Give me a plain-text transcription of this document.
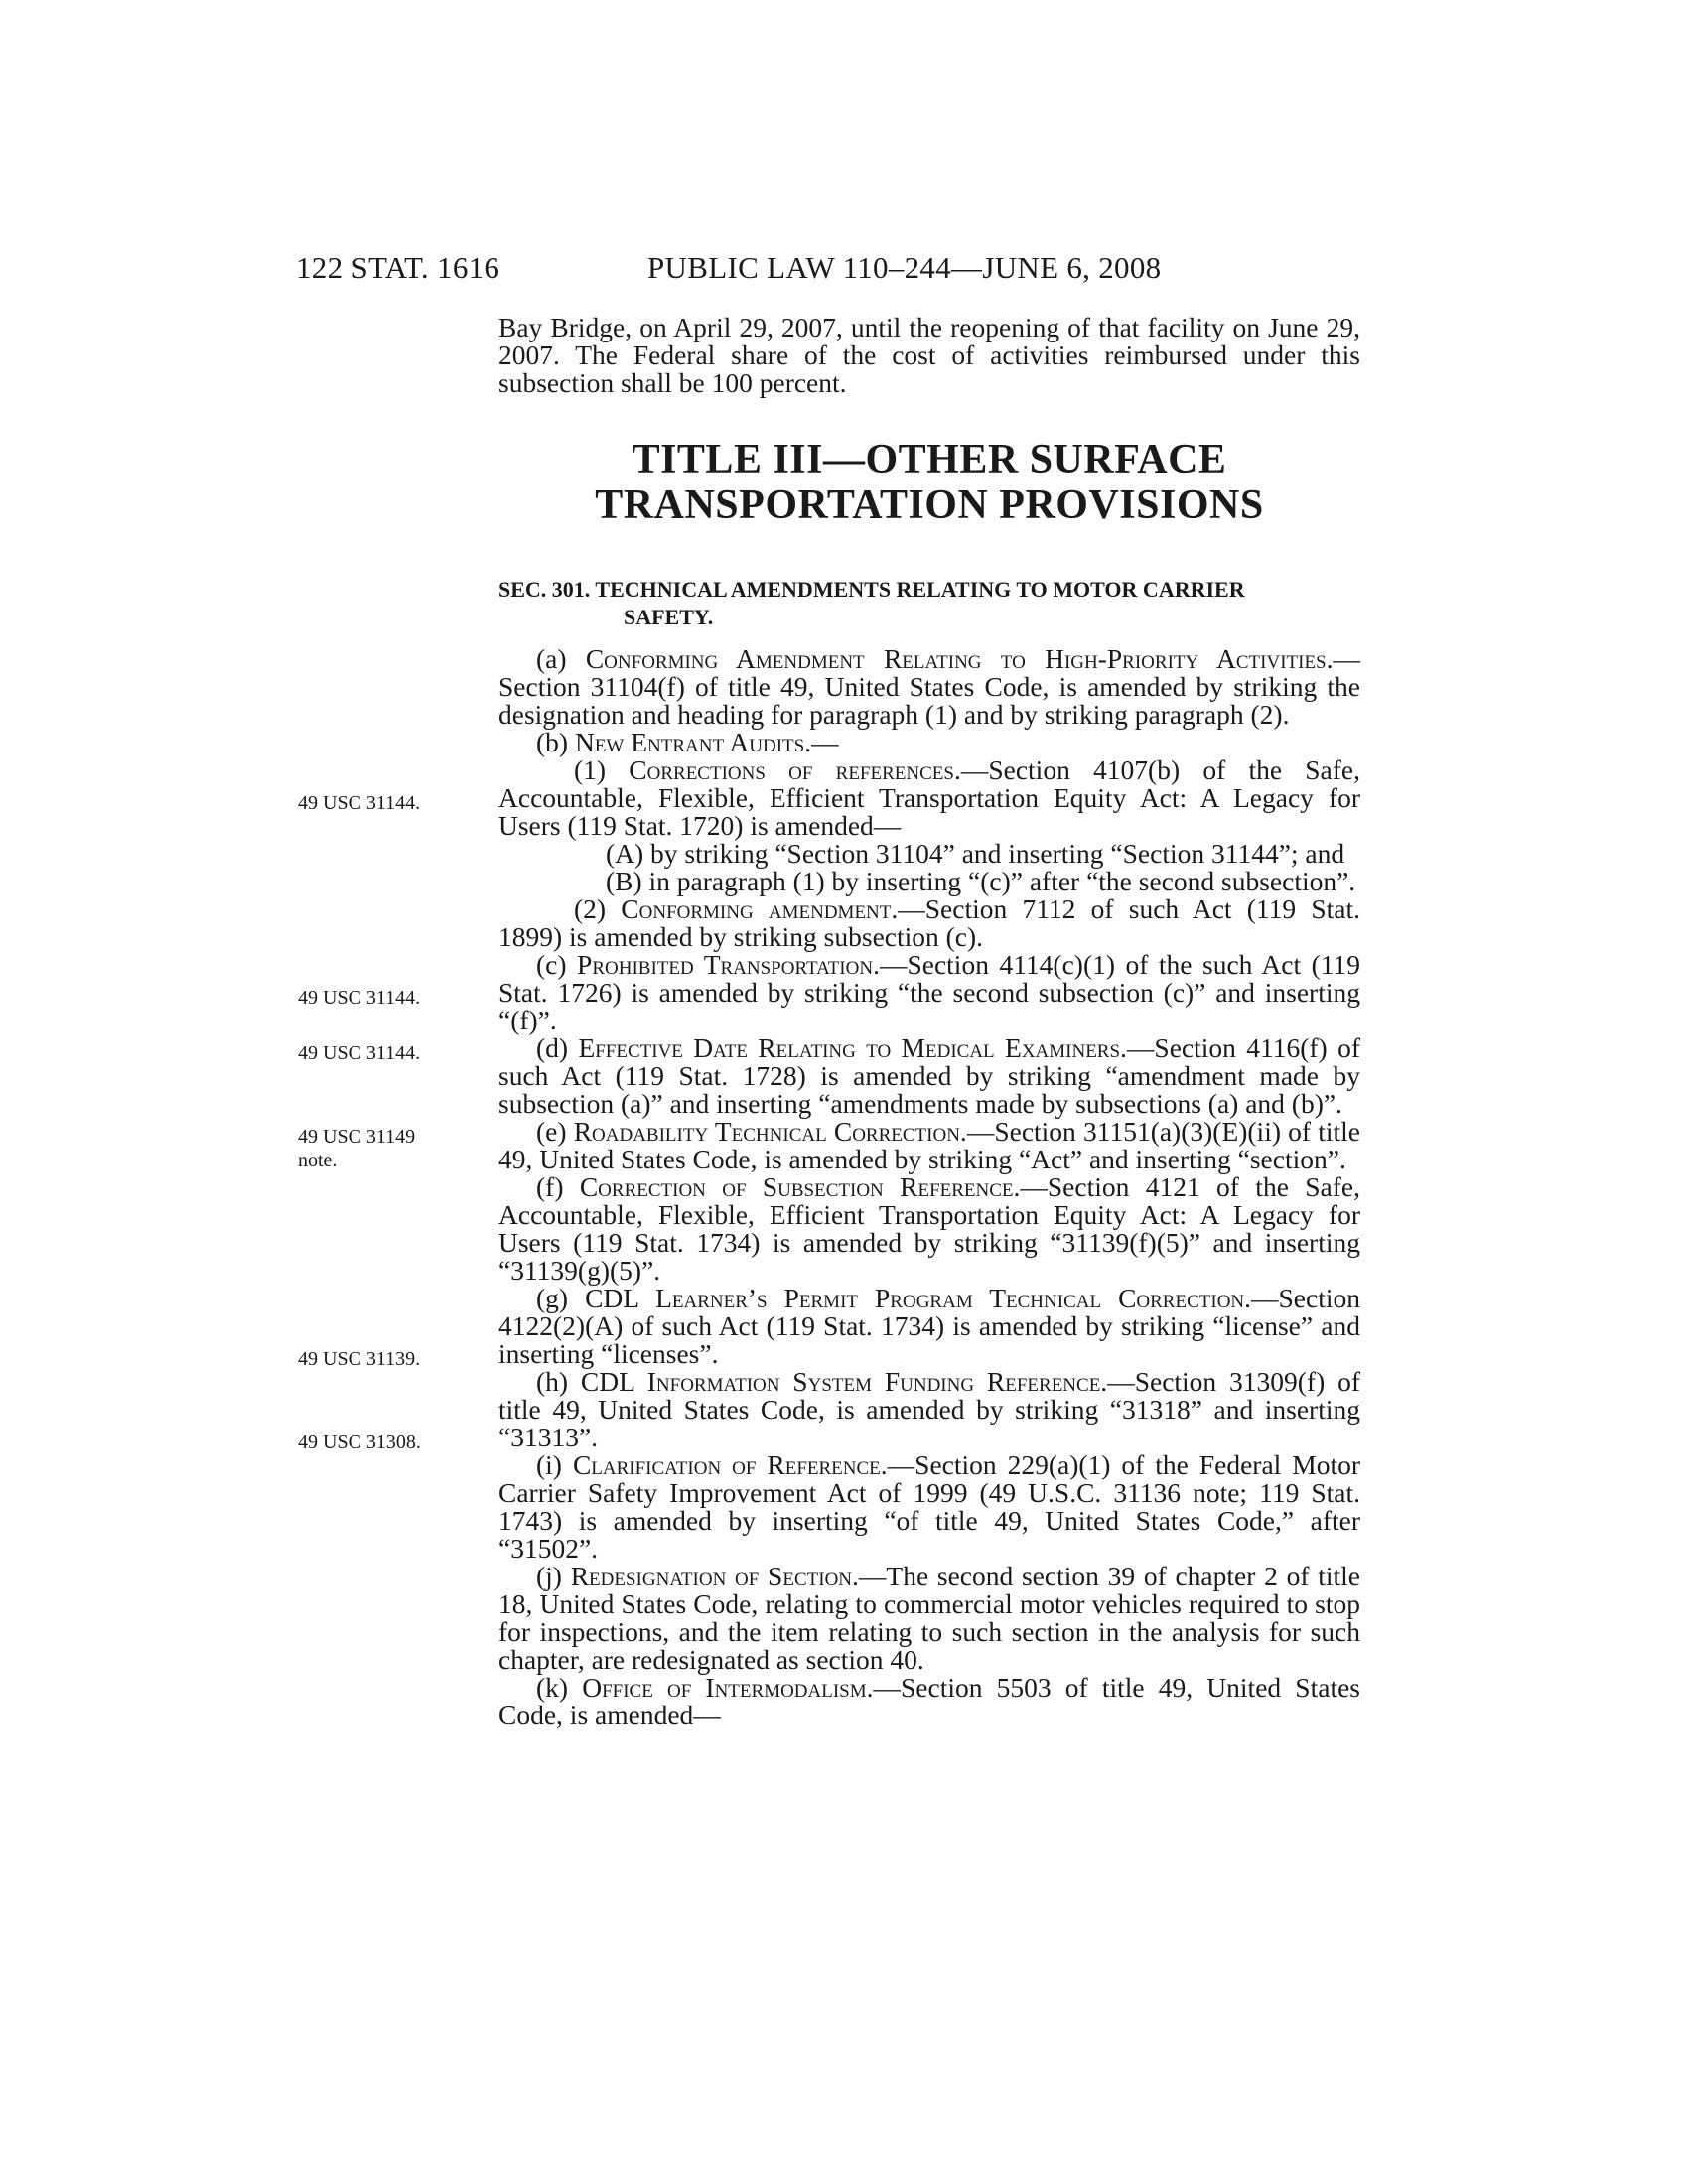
122 STAT. 1616	PUBLIC LAW 110–244—JUNE 6, 2008
49 USC 31144.
49 USC 31144.
49 USC 31144.
49 USC 31149
note.
49 USC 31139.
49 USC 31308.

Bay Bridge, on April 29, 2007, until the reopening of that facility on June 29, 2007. The Federal share of the cost of activities reimbursed under this subsection shall be 100 percent.

TITLE III—OTHER SURFACE
TRANSPORTATION PROVISIONS
SEC. 301. TECHNICAL AMENDMENTS RELATING TO MOTOR CARRIER
SAFETY.

(a) Conforming Amendment Relating to High-Priority Activities.—Section 31104(f) of title 49, United States Code, is amended by striking the designation and heading for paragraph (1) and by striking paragraph (2).

(b) New Entrant Audits.—

(1) Corrections of references.—Section 4107(b) of the Safe, Accountable, Flexible, Efficient Transportation Equity Act: A Legacy for Users (119 Stat. 1720) is amended—

(A) by striking “Section 31104” and inserting “Section 31144”; and

(B) in paragraph (1) by inserting “(c)” after “the second subsection”.

(2) Conforming amendment.—Section 7112 of such Act (119 Stat. 1899) is amended by striking subsection (c).

(c) Prohibited Transportation.—Section 4114(c)(1) of the such Act (119 Stat. 1726) is amended by striking “the second subsection (c)” and inserting “(f)”.

(d) Effective Date Relating to Medical Examiners.—Section 4116(f) of such Act (119 Stat. 1728) is amended by striking “amendment made by subsection (a)” and inserting “amendments made by subsections (a) and (b)”.

(e) Roadability Technical Correction.—Section 31151(a)(3)(E)(ii) of title 49, United States Code, is amended by striking “Act” and inserting “section”.

(f) Correction of Subsection Reference.—Section 4121 of the Safe, Accountable, Flexible, Efficient Transportation Equity Act: A Legacy for Users (119 Stat. 1734) is amended by striking “31139(f)(5)” and inserting “31139(g)(5)”.

(g) CDL Learner’s Permit Program Technical Correction.—Section 4122(2)(A) of such Act (119 Stat. 1734) is amended by striking “license” and inserting “licenses”.

(h) CDL Information System Funding Reference.—Section 31309(f) of title 49, United States Code, is amended by striking “31318” and inserting “31313”.

(i) Clarification of Reference.—Section 229(a)(1) of the Federal Motor Carrier Safety Improvement Act of 1999 (49 U.S.C. 31136 note; 119 Stat. 1743) is amended by inserting “of title 49, United States Code,” after “31502”.

(j) Redesignation of Section.—The second section 39 of chapter 2 of title 18, United States Code, relating to commercial motor vehicles required to stop for inspections, and the item relating to such section in the analysis for such chapter, are redesignated as section 40.

(k) Office of Intermodalism.—Section 5503 of title 49, United States Code, is amended—
